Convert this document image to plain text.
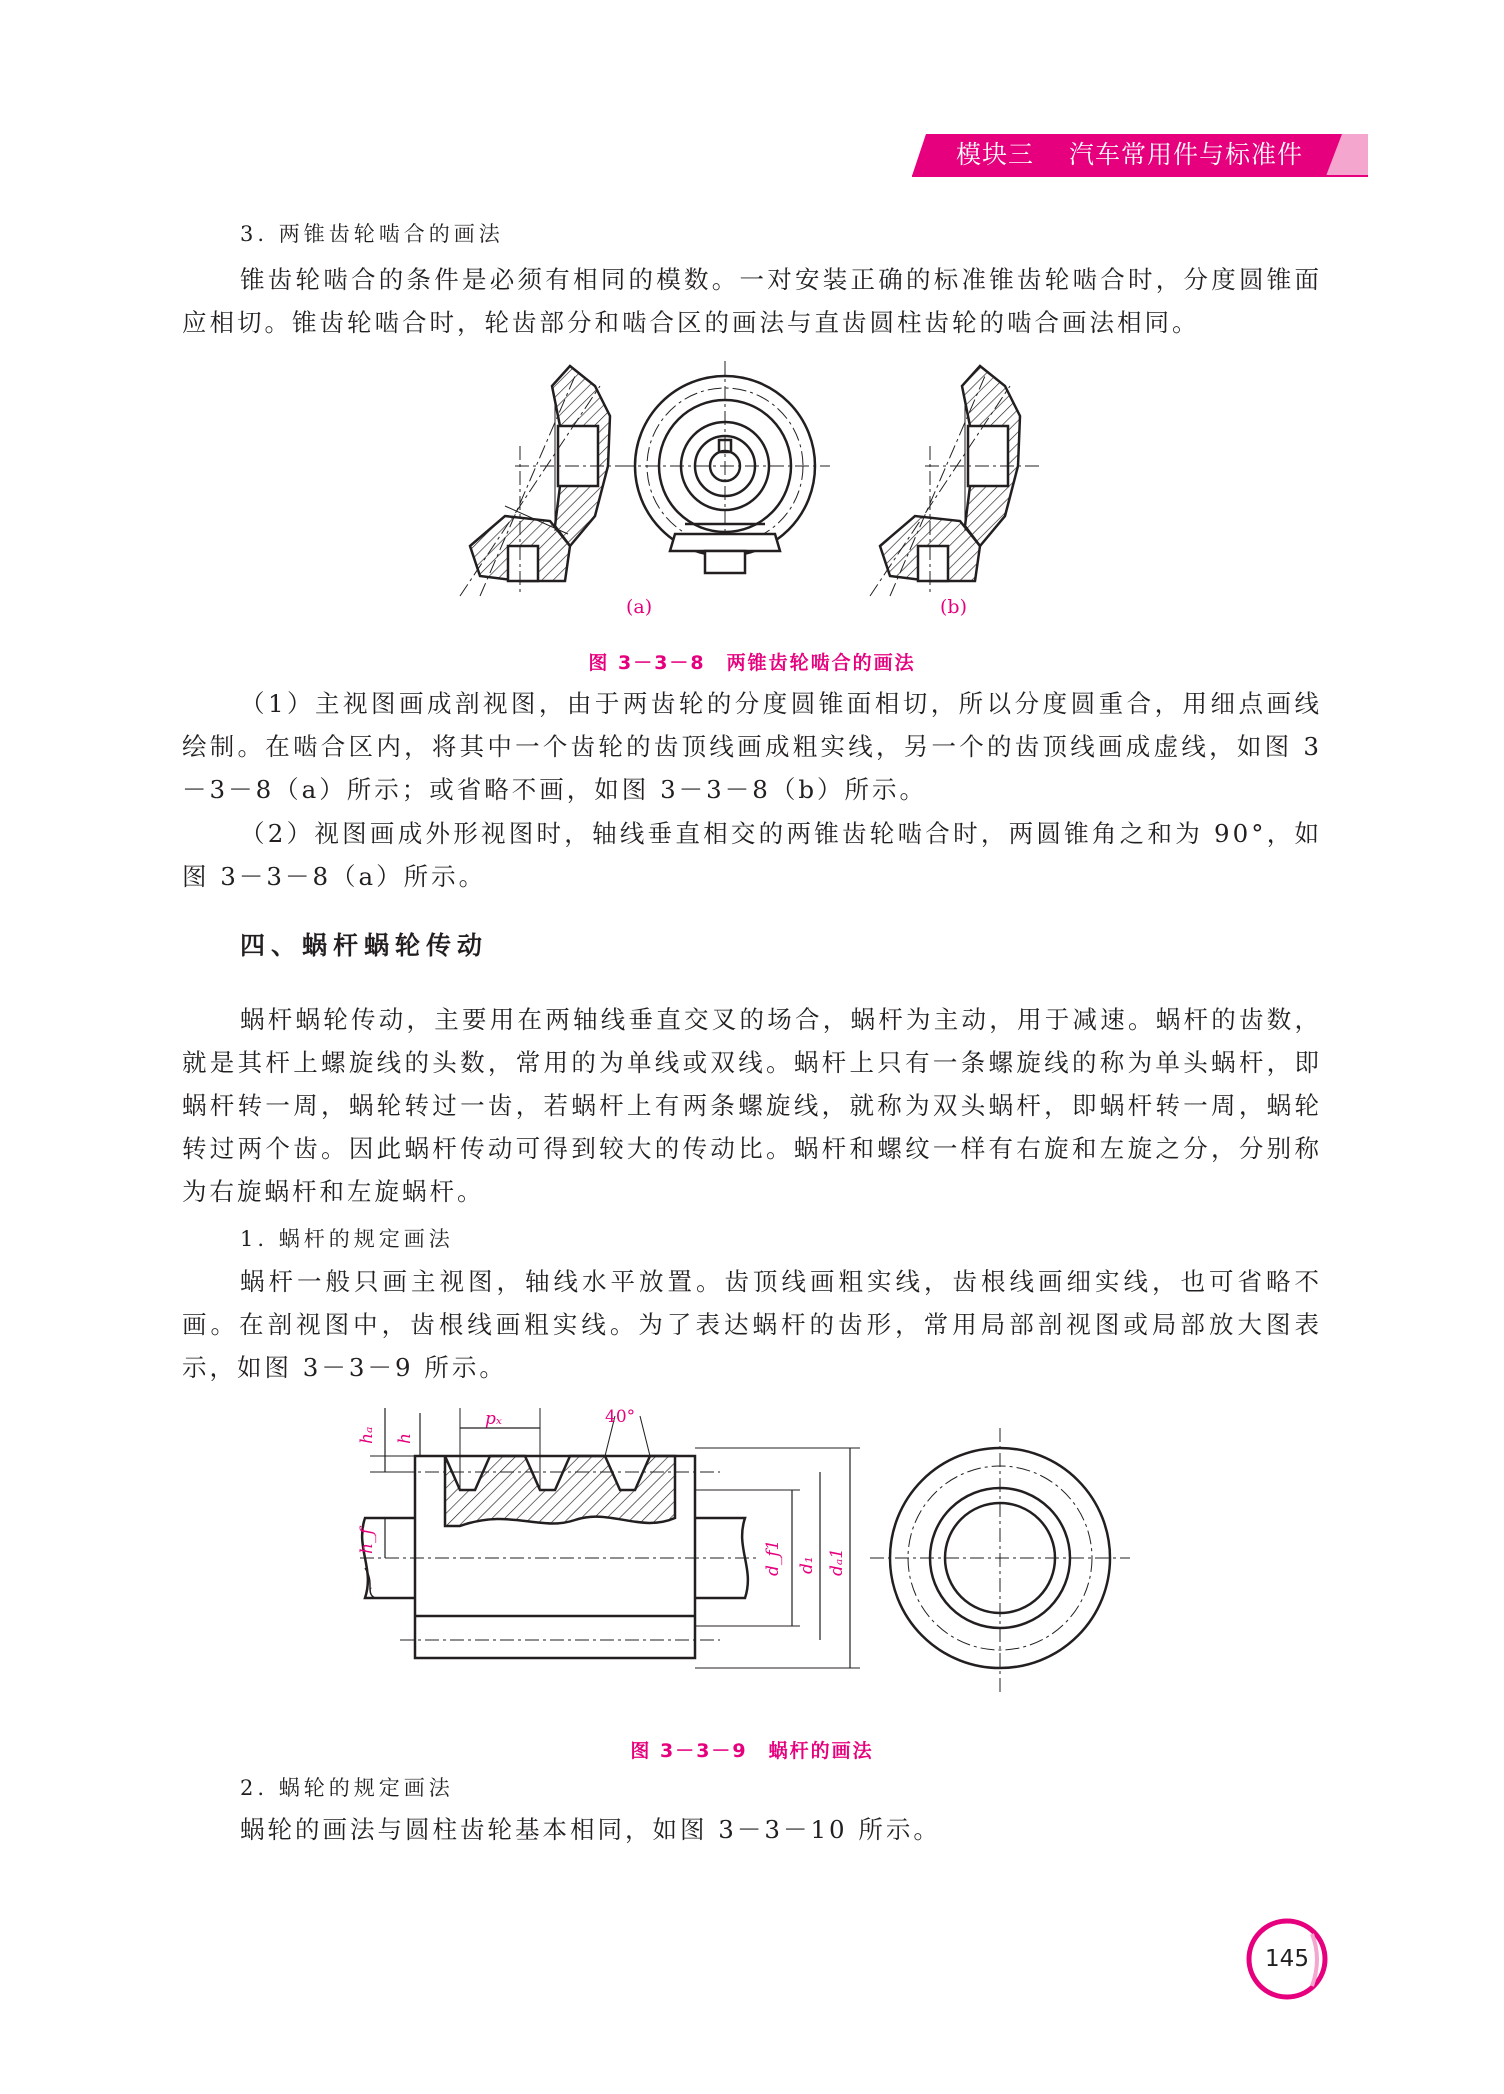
模块三　 汽车常用件与标准件

3. 两锥齿轮啮合的画法

锥齿轮啮合的条件是必须有相同的模数。一对安装正确的标准锥齿轮啮合时，分度圆锥面应相切。锥齿轮啮合时，轮齿部分和啮合区的画法与直齿圆柱齿轮的啮合画法相同。

(a)	(b)
图 3－3－8　两锥齿轮啮合的画法

（1）主视图画成剖视图，由于两齿轮的分度圆锥面相切，所以分度圆重合，用细点画线绘制。在啮合区内，将其中一个齿轮的齿顶线画成粗实线，另一个的齿顶线画成虚线，如图 3－3－8（a）所示；或省略不画，如图 3－3－8（b）所示。

（2）视图画成外形视图时，轴线垂直相交的两锥齿轮啮合时，两圆锥角之和为 90°，如图 3－3－8（a）所示。

四、蜗杆蜗轮传动

蜗杆蜗轮传动，主要用在两轴线垂直交叉的场合，蜗杆为主动，用于减速。蜗杆的齿数，就是其杆上螺旋线的头数，常用的为单线或双线。蜗杆上只有一条螺旋线的称为单头蜗杆，即蜗杆转一周，蜗轮转过一齿，若蜗杆上有两条螺旋线，就称为双头蜗杆，即蜗杆转一周，蜗轮转过两个齿。因此蜗杆传动可得到较大的传动比。蜗杆和螺纹一样有右旋和左旋之分，分别称为右旋蜗杆和左旋蜗杆。

1. 蜗杆的规定画法

蜗杆一般只画主视图，轴线水平放置。齿顶线画粗实线，齿根线画细实线，也可省略不画。在剖视图中，齿根线画粗实线。为了表达蜗杆的齿形，常用局部剖视图或局部放大图表示，如图 3－3－9 所示。

hₐ h
h_f
pₓ	40°
d_f1 d₁ dₐ1
图 3－3－9　蜗杆的画法

2. 蜗轮的规定画法

蜗轮的画法与圆柱齿轮基本相同，如图 3－3－10 所示。

145
